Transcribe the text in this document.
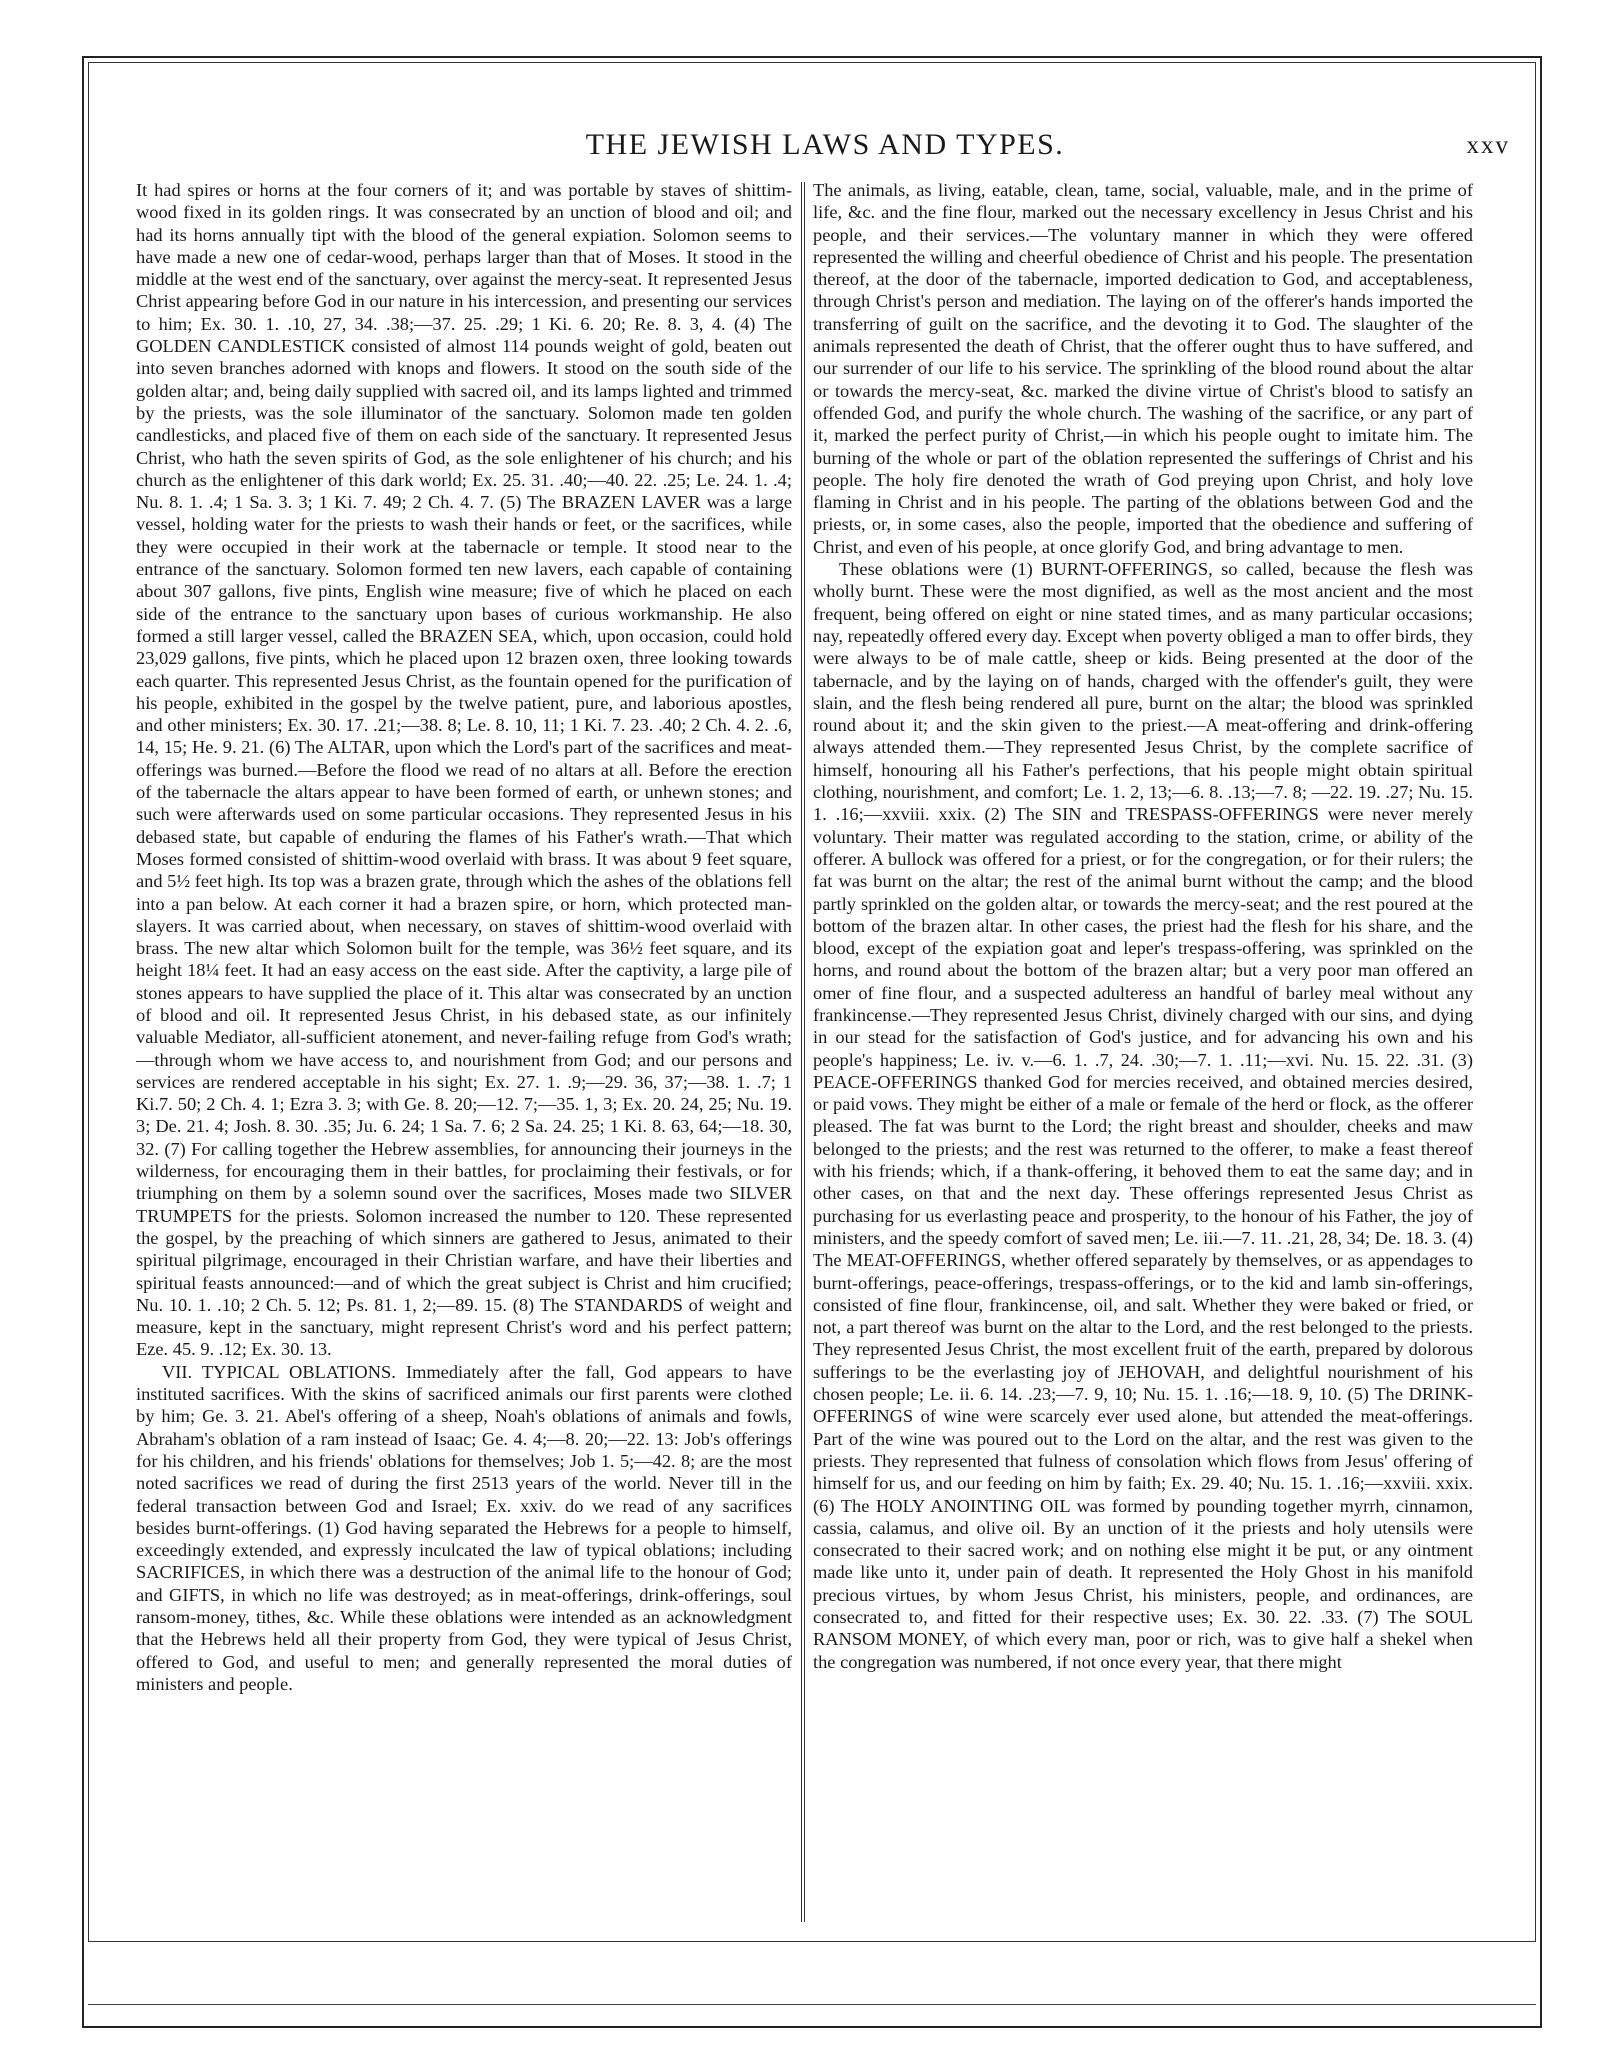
THE JEWISH LAWS AND TYPES.	xxv

It had spires or horns at the four corners of it; and was portable by staves of shittim-wood fixed in its golden rings. It was consecrated by an unction of blood and oil; and had its horns annually tipt with the blood of the general expiation. Solomon seems to have made a new one of cedar-wood, perhaps larger than that of Moses. It stood in the middle at the west end of the sanctuary, over against the mercy-seat. It represented Jesus Christ appearing before God in our nature in his intercession, and presenting our services to him; Ex. 30. 1. .10, 27, 34. .38;—37. 25. .29; 1 Ki. 6. 20; Re. 8. 3, 4. (4) The GOLDEN CANDLESTICK consisted of almost 114 pounds weight of gold, beaten out into seven branches adorned with knops and flowers. It stood on the south side of the golden altar; and, being daily supplied with sacred oil, and its lamps lighted and trimmed by the priests, was the sole illuminator of the sanctuary. Solomon made ten golden candlesticks, and placed five of them on each side of the sanctuary. It represented Jesus Christ, who hath the seven spirits of God, as the sole enlightener of his church; and his church as the enlightener of this dark world; Ex. 25. 31. .40;—40. 22. .25; Le. 24. 1. .4; Nu. 8. 1. .4; 1 Sa. 3. 3; 1 Ki. 7. 49; 2 Ch. 4. 7. (5) The BRAZEN LAVER was a large vessel, holding water for the priests to wash their hands or feet, or the sacrifices, while they were occupied in their work at the tabernacle or temple. It stood near to the entrance of the sanctuary. Solomon formed ten new lavers, each capable of containing about 307 gallons, five pints, English wine measure; five of which he placed on each side of the entrance to the sanctuary upon bases of curious workmanship. He also formed a still larger vessel, called the BRAZEN SEA, which, upon occasion, could hold 23,029 gallons, five pints, which he placed upon 12 brazen oxen, three looking towards each quarter. This represented Jesus Christ, as the fountain opened for the purification of his people, exhibited in the gospel by the twelve patient, pure, and laborious apostles, and other ministers; Ex. 30. 17. .21;—38. 8; Le. 8. 10, 11; 1 Ki. 7. 23. .40; 2 Ch. 4. 2. .6, 14, 15; He. 9. 21. (6) The ALTAR, upon which the Lord's part of the sacrifices and meat-offerings was burned.—Before the flood we read of no altars at all. Before the erection of the tabernacle the altars appear to have been formed of earth, or unhewn stones; and such were afterwards used on some particular occasions. They represented Jesus in his debased state, but capable of enduring the flames of his Father's wrath.—That which Moses formed consisted of shittim-wood overlaid with brass. It was about 9 feet square, and 5½ feet high. Its top was a brazen grate, through which the ashes of the oblations fell into a pan below. At each corner it had a brazen spire, or horn, which protected man-slayers. It was carried about, when necessary, on staves of shittim-wood overlaid with brass. The new altar which Solomon built for the temple, was 36½ feet square, and its height 18¼ feet. It had an easy access on the east side. After the captivity, a large pile of stones appears to have supplied the place of it. This altar was consecrated by an unction of blood and oil. It represented Jesus Christ, in his debased state, as our infinitely valuable Mediator, all-sufficient atonement, and never-failing refuge from God's wrath; —through whom we have access to, and nourishment from God; and our persons and services are rendered acceptable in his sight; Ex. 27. 1. .9;—29. 36, 37;—38. 1. .7; 1 Ki.7. 50; 2 Ch. 4. 1; Ezra 3. 3; with Ge. 8. 20;—12. 7;—35. 1, 3; Ex. 20. 24, 25; Nu. 19. 3; De. 21. 4; Josh. 8. 30. .35; Ju. 6. 24; 1 Sa. 7. 6; 2 Sa. 24. 25; 1 Ki. 8. 63, 64;—18. 30, 32. (7) For calling together the Hebrew assemblies, for announcing their journeys in the wilderness, for encouraging them in their battles, for proclaiming their festivals, or for triumphing on them by a solemn sound over the sacrifices, Moses made two SILVER TRUMPETS for the priests. Solomon increased the number to 120. These represented the gospel, by the preaching of which sinners are gathered to Jesus, animated to their spiritual pilgrimage, encouraged in their Christian warfare, and have their liberties and spiritual feasts announced:—and of which the great subject is Christ and him crucified; Nu. 10. 1. .10; 2 Ch. 5. 12; Ps. 81. 1, 2;—89. 15. (8) The STANDARDS of weight and measure, kept in the sanctuary, might represent Christ's word and his perfect pattern; Eze. 45. 9. .12; Ex. 30. 13.

VII. TYPICAL OBLATIONS. Immediately after the fall, God appears to have instituted sacrifices. With the skins of sacrificed animals our first parents were clothed by him; Ge. 3. 21. Abel's offering of a sheep, Noah's oblations of animals and fowls, Abraham's oblation of a ram instead of Isaac; Ge. 4. 4;—8. 20;—22. 13: Job's offerings for his children, and his friends' oblations for themselves; Job 1. 5;—42. 8; are the most noted sacrifices we read of during the first 2513 years of the world. Never till in the federal transaction between God and Israel; Ex. xxiv. do we read of any sacrifices besides burnt-offerings. (1) God having separated the Hebrews for a people to himself, exceedingly extended, and expressly inculcated the law of typical oblations; including SACRIFICES, in which there was a destruction of the animal life to the honour of God; and GIFTS, in which no life was destroyed; as in meat-offerings, drink-offerings, soul ransom-money, tithes, &c. While these oblations were intended as an acknowledgment that the Hebrews held all their property from God, they were typical of Jesus Christ, offered to God, and useful to men; and generally represented the moral duties of ministers and people.

The animals, as living, eatable, clean, tame, social, valuable, male, and in the prime of life, &c. and the fine flour, marked out the necessary excellency in Jesus Christ and his people, and their services.—The voluntary manner in which they were offered represented the willing and cheerful obedience of Christ and his people. The presentation thereof, at the door of the tabernacle, imported dedication to God, and acceptableness, through Christ's person and mediation. The laying on of the offerer's hands imported the transferring of guilt on the sacrifice, and the devoting it to God. The slaughter of the animals represented the death of Christ, that the offerer ought thus to have suffered, and our surrender of our life to his service. The sprinkling of the blood round about the altar or towards the mercy-seat, &c. marked the divine virtue of Christ's blood to satisfy an offended God, and purify the whole church. The washing of the sacrifice, or any part of it, marked the perfect purity of Christ,—in which his people ought to imitate him. The burning of the whole or part of the oblation represented the sufferings of Christ and his people. The holy fire denoted the wrath of God preying upon Christ, and holy love flaming in Christ and in his people. The parting of the oblations between God and the priests, or, in some cases, also the people, imported that the obedience and suffering of Christ, and even of his people, at once glorify God, and bring advantage to men.

These oblations were (1) BURNT-OFFERINGS, so called, because the flesh was wholly burnt. These were the most dignified, as well as the most ancient and the most frequent, being offered on eight or nine stated times, and as many particular occasions; nay, repeatedly offered every day. Except when poverty obliged a man to offer birds, they were always to be of male cattle, sheep or kids. Being presented at the door of the tabernacle, and by the laying on of hands, charged with the offender's guilt, they were slain, and the flesh being rendered all pure, burnt on the altar; the blood was sprinkled round about it; and the skin given to the priest.—A meat-offering and drink-offering always attended them.—They represented Jesus Christ, by the complete sacrifice of himself, honouring all his Father's perfections, that his people might obtain spiritual clothing, nourishment, and comfort; Le. 1. 2, 13;—6. 8. .13;—7. 8; —22. 19. .27; Nu. 15. 1. .16;—xxviii. xxix. (2) The SIN and TRESPASS-OFFERINGS were never merely voluntary. Their matter was regulated according to the station, crime, or ability of the offerer. A bullock was offered for a priest, or for the congregation, or for their rulers; the fat was burnt on the altar; the rest of the animal burnt without the camp; and the blood partly sprinkled on the golden altar, or towards the mercy-seat; and the rest poured at the bottom of the brazen altar. In other cases, the priest had the flesh for his share, and the blood, except of the expiation goat and leper's trespass-offering, was sprinkled on the horns, and round about the bottom of the brazen altar; but a very poor man offered an omer of fine flour, and a suspected adulteress an handful of barley meal without any frankincense.—They represented Jesus Christ, divinely charged with our sins, and dying in our stead for the satisfaction of God's justice, and for advancing his own and his people's happiness; Le. iv. v.—6. 1. .7, 24. .30;—7. 1. .11;—xvi. Nu. 15. 22. .31. (3) PEACE-OFFERINGS thanked God for mercies received, and obtained mercies desired, or paid vows. They might be either of a male or female of the herd or flock, as the offerer pleased. The fat was burnt to the Lord; the right breast and shoulder, cheeks and maw belonged to the priests; and the rest was returned to the offerer, to make a feast thereof with his friends; which, if a thank-offering, it behoved them to eat the same day; and in other cases, on that and the next day. These offerings represented Jesus Christ as purchasing for us everlasting peace and prosperity, to the honour of his Father, the joy of ministers, and the speedy comfort of saved men; Le. iii.—7. 11. .21, 28, 34; De. 18. 3. (4) The MEAT-OFFERINGS, whether offered separately by themselves, or as appendages to burnt-offerings, peace-offerings, trespass-offerings, or to the kid and lamb sin-offerings, consisted of fine flour, frankincense, oil, and salt. Whether they were baked or fried, or not, a part thereof was burnt on the altar to the Lord, and the rest belonged to the priests. They represented Jesus Christ, the most excellent fruit of the earth, prepared by dolorous sufferings to be the everlasting joy of JEHOVAH, and delightful nourishment of his chosen people; Le. ii. 6. 14. .23;—7. 9, 10; Nu. 15. 1. .16;—18. 9, 10. (5) The DRINK-OFFERINGS of wine were scarcely ever used alone, but attended the meat-offerings. Part of the wine was poured out to the Lord on the altar, and the rest was given to the priests. They represented that fulness of consolation which flows from Jesus' offering of himself for us, and our feeding on him by faith; Ex. 29. 40; Nu. 15. 1. .16;—xxviii. xxix. (6) The HOLY ANOINTING OIL was formed by pounding together myrrh, cinnamon, cassia, calamus, and olive oil. By an unction of it the priests and holy utensils were consecrated to their sacred work; and on nothing else might it be put, or any ointment made like unto it, under pain of death. It represented the Holy Ghost in his manifold precious virtues, by whom Jesus Christ, his ministers, people, and ordinances, are consecrated to, and fitted for their respective uses; Ex. 30. 22. .33. (7) The SOUL RANSOM MONEY, of which every man, poor or rich, was to give half a shekel when the congregation was numbered, if not once every year, that there might
